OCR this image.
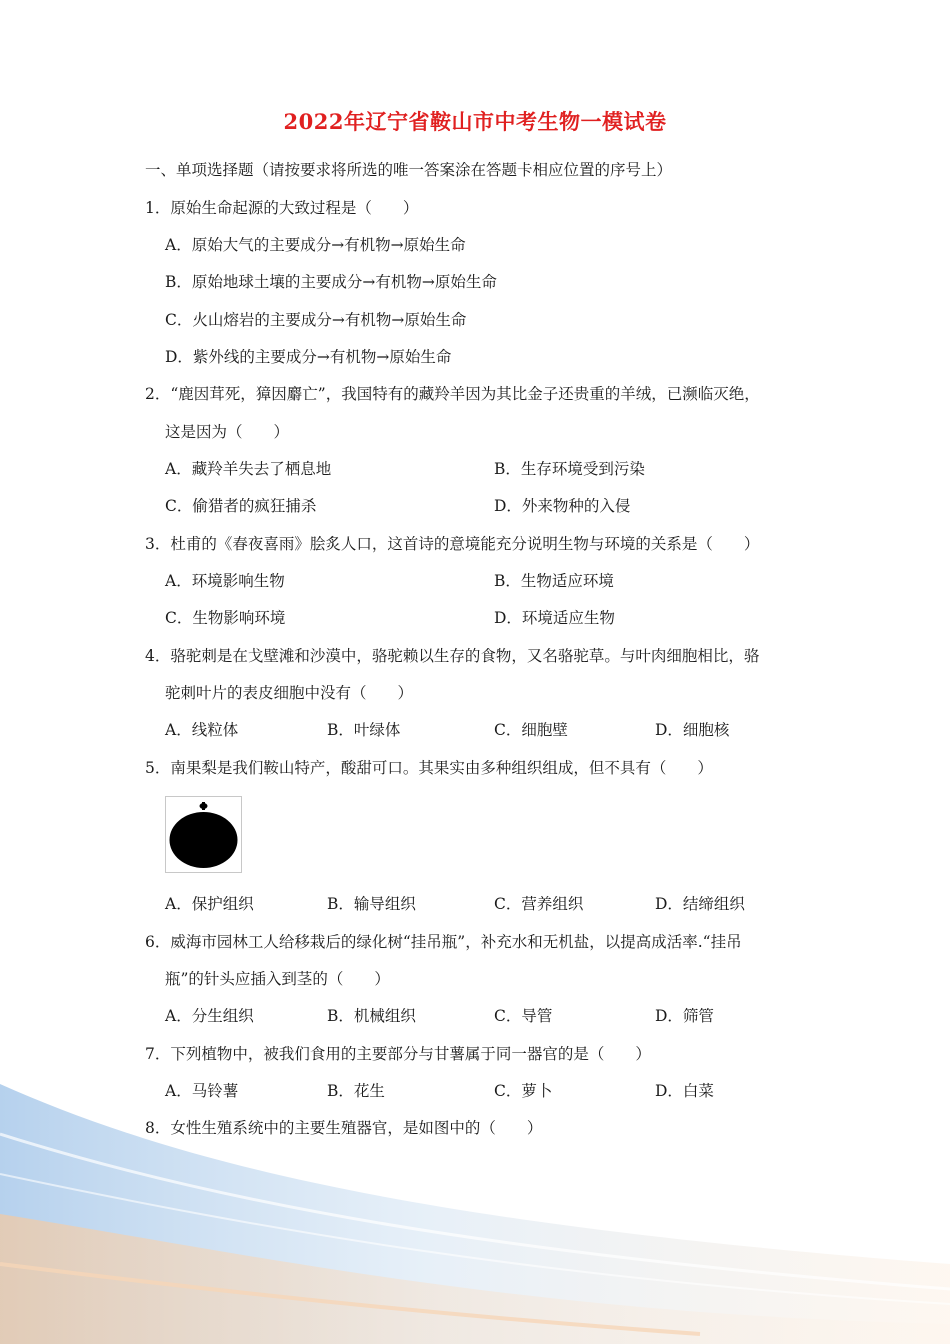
2022年辽宁省鞍山市中考生物一模试卷
一、单项选择题（请按要求将所选的唯一答案涂在答题卡相应位置的序号上）
1．原始生命起源的大致过程是（　　）
A．原始大气的主要成分→有机物→原始生命
B．原始地球土壤的主要成分→有机物→原始生命
C．火山熔岩的主要成分→有机物→原始生命
D．紫外线的主要成分→有机物→原始生命
2．“鹿因茸死，獐因麝亡”，我国特有的藏羚羊因为其比金子还贵重的羊绒，已濒临灭绝，
这是因为（　　）
A．藏羚羊失去了栖息地	B．生存环境受到污染
C．偷猎者的疯狂捕杀	D．外来物种的入侵
3．杜甫的《春夜喜雨》脍炙人口，这首诗的意境能充分说明生物与环境的关系是（　　）
A．环境影响生物	B．生物适应环境
C．生物影响环境	D．环境适应生物
4．骆驼刺是在戈壁滩和沙漠中，骆驼赖以生存的食物，又名骆驼草。与叶肉细胞相比，骆
驼刺叶片的表皮细胞中没有（　　）
A．线粒体	B．叶绿体	C．细胞壁	D．细胞核
5．南果梨是我们鞍山特产，酸甜可口。其果实由多种组织组成，但不具有（　　）
A．保护组织	B．输导组织	C．营养组织	D．结缔组织
6．威海市园林工人给移栽后的绿化树“挂吊瓶”，补充水和无机盐，以提高成活率.“挂吊
瓶”的针头应插入到茎的（　　）
A．分生组织	B．机械组织	C．导管	D．筛管
7．下列植物中，被我们食用的主要部分与甘薯属于同一器官的是（　　）
A．马铃薯	B．花生	C．萝卜	D．白菜
8．女性生殖系统中的主要生殖器官，是如图中的（　　）
